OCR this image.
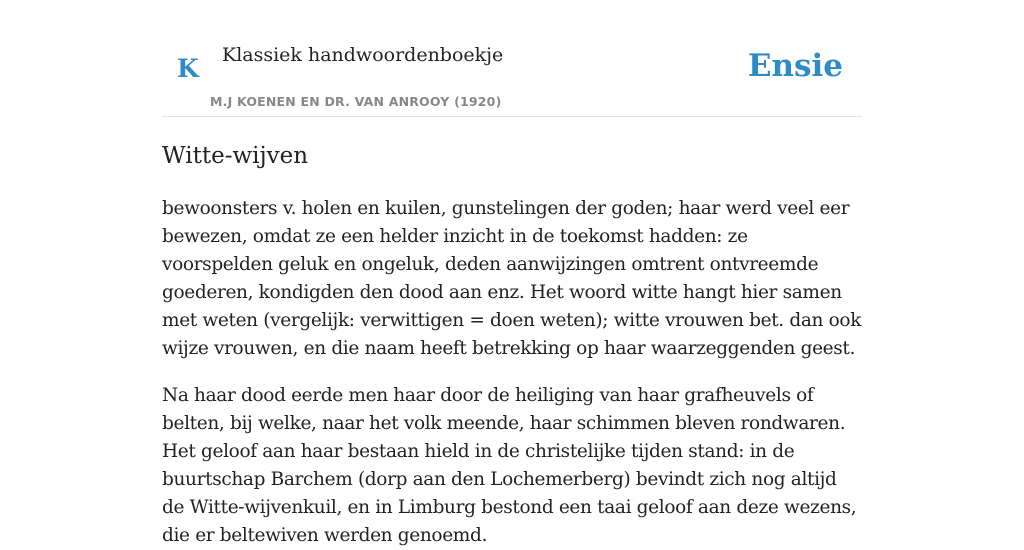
K Klassiek handwoordenboekje
M.J KOENEN EN DR. VAN ANROOY (1920)
Ensie
Witte-wijven

bewoonsters v. holen en kuilen, gunstelingen der goden; haar werd veel eer bewezen, omdat ze een helder inzicht in de toekomst hadden: ze voorspelden geluk en ongeluk, deden aanwijzingen omtrent ontvreemde goederen, kondigden den dood aan enz. Het woord witte hangt hier samen met weten (vergelijk: verwittigen = doen weten); witte vrouwen bet. dan ook wijze vrouwen, en die naam heeft betrekking op haar waarzeggenden geest.

Na haar dood eerde men haar door de heiliging van haar grafheuvels of belten, bij welke, naar het volk meende, haar schimmen bleven rondwaren. Het geloof aan haar bestaan hield in de christelijke tijden stand: in de buurtschap Barchem (dorp aan den Lochemerberg) bevindt zich nog altijd de Witte-wijvenkuil, en in Limburg bestond een taai geloof aan deze wezens, die er beltewiven werden genoemd.
